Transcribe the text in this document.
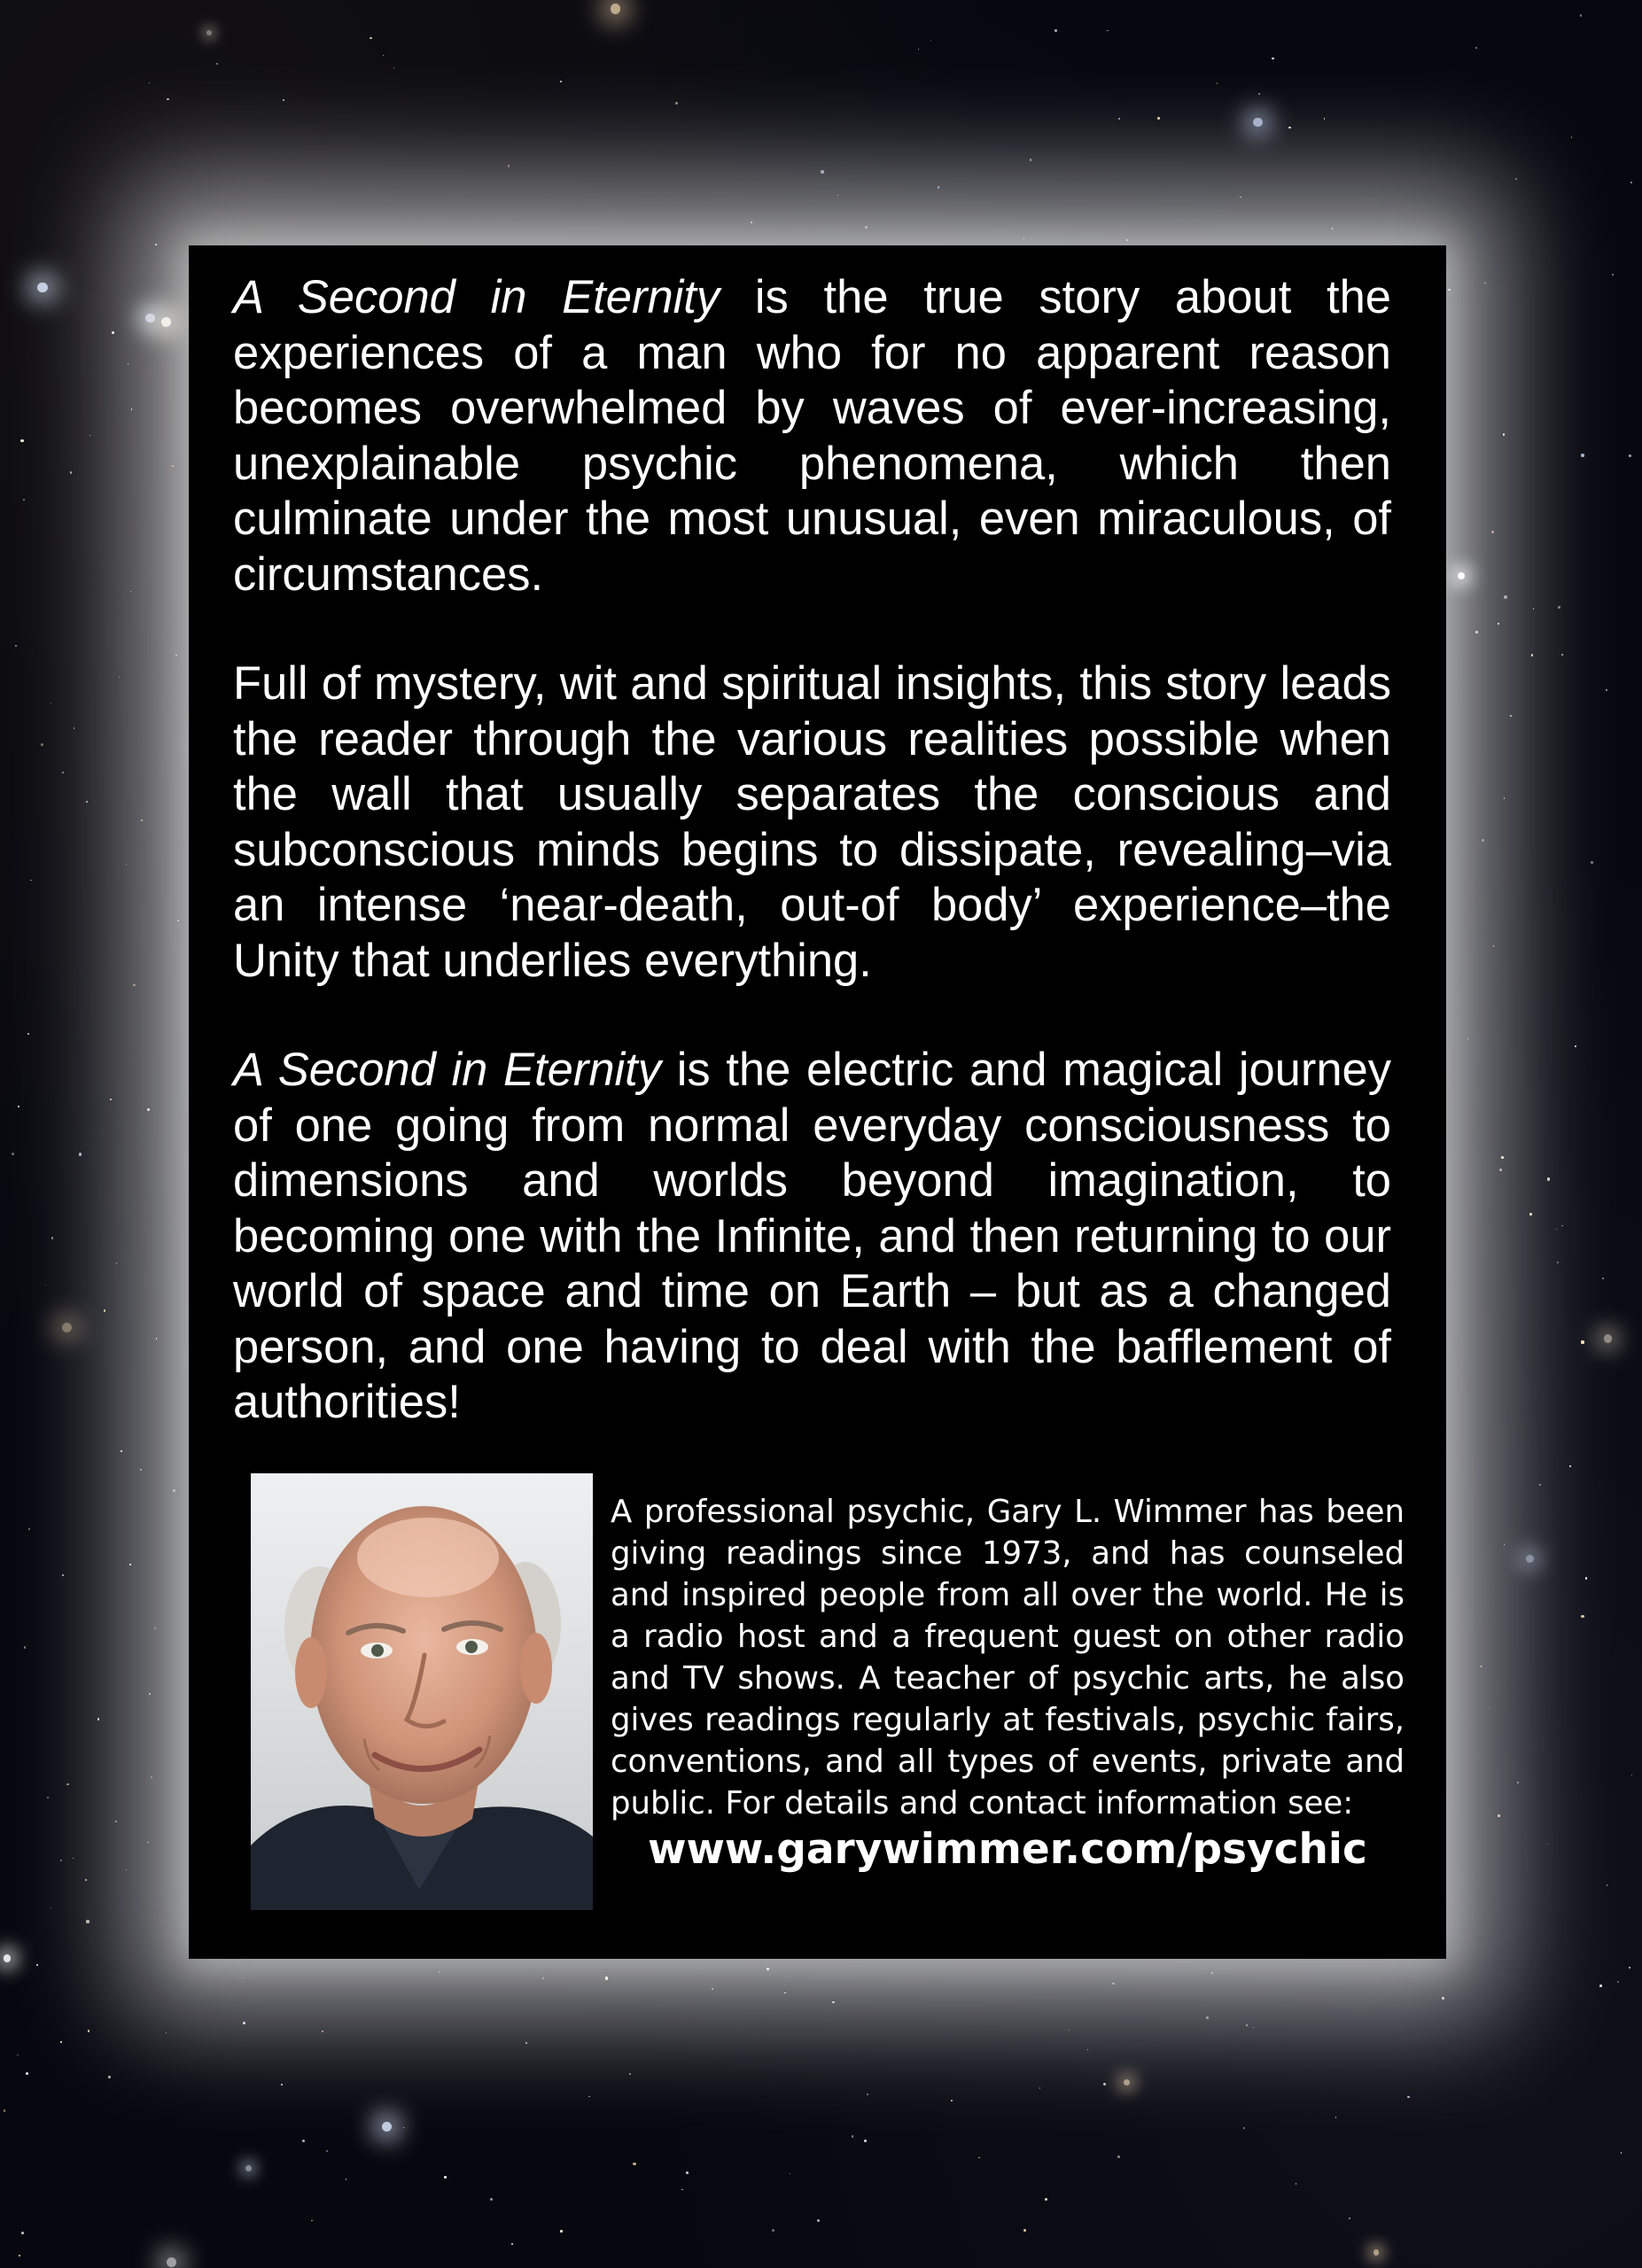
A Second in Eternity is the true story about the experiences of a man who for no apparent reason becomes overwhelmed by waves of ever-increasing, unexplainable psychic phenomena, which then culminate under the most unusual, even miraculous, of circumstances.

Full of mystery, wit and spiritual insights, this story leads the reader through the various realities possible when the wall that usually separates the conscious and subconscious minds begins to dissipate, revealing–via an intense ‘near-death, out-of body’ experience–the Unity that underlies everything.

A Second in Eternity is the electric and magical journey of one going from normal everyday consciousness to dimensions and worlds beyond imagination, to becoming one with the Infinite, and then returning to our world of space and time on Earth – but as a changed person, and one having to deal with the bafflement of authorities!

A professional psychic, Gary L. Wimmer has been giving readings since 1973, and has counseled and inspired people from all over the world. He is a radio host and a frequent guest on other radio and TV shows. A teacher of psychic arts, he also gives readings regularly at festivals, psychic fairs, conventions, and all types of events, private and public. For details and contact information see:

www.garywimmer.com/psychic
